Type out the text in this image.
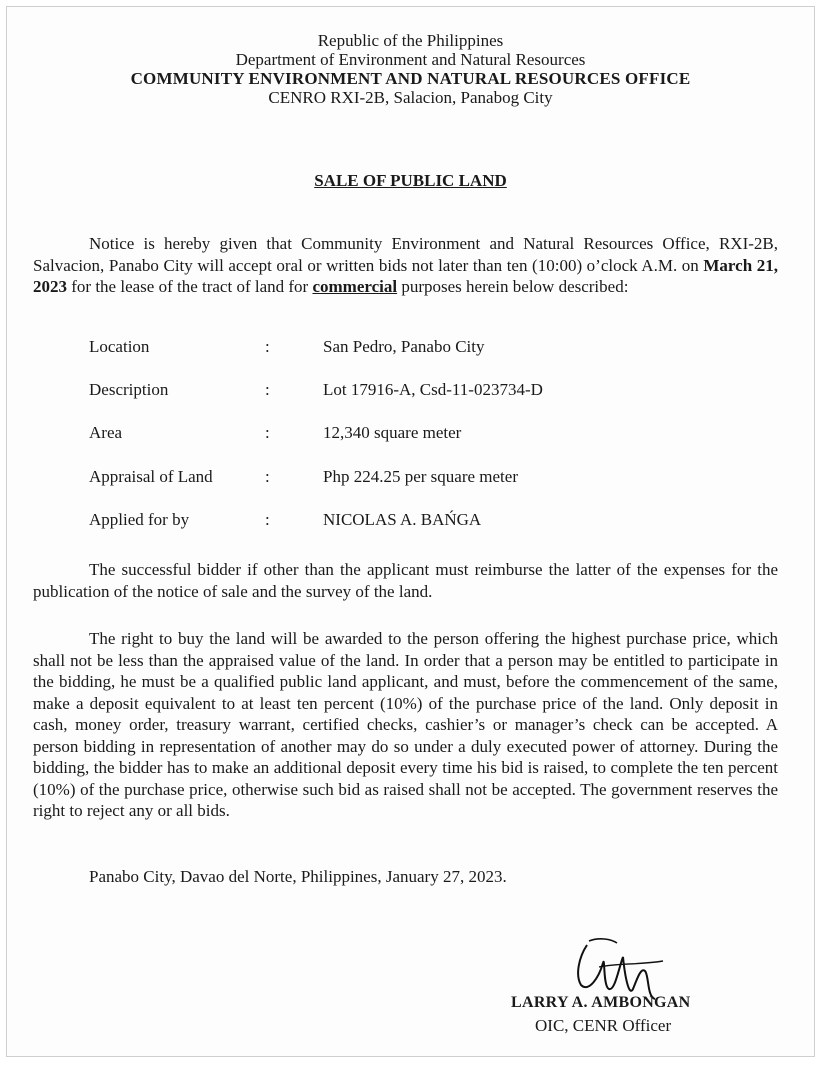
Republic of the Philippines
Department of Environment and Natural Resources
COMMUNITY ENVIRONMENT AND NATURAL RESOURCES OFFICE
CENRO RXI-2B, Salacion, Panabog City
SALE OF PUBLIC LAND
Notice is hereby given that Community Environment and Natural Resources Office, RXI-2B, Salvacion, Panabo City will accept oral or written bids not later than ten (10:00) o’clock A.M. on March 21, 2023 for the lease of the tract of land for commercial purposes herein below described:
Location	:	San Pedro, Panabo City
Description	:	Lot 17916-A, Csd-11-023734-D
Area	:	12,340 square meter
Appraisal of Land	:	Php 224.25 per square meter
Applied for by	:	NICOLAS A. BAŃGA
The successful bidder if other than the applicant must reimburse the latter of the expenses for the publication of the notice of sale and the survey of the land.
The right to buy the land will be awarded to the person offering the highest purchase price, which shall not be less than the appraised value of the land. In order that a person may be entitled to participate in the bidding, he must be a qualified public land applicant, and must, before the commencement of the same, make a deposit equivalent to at least ten percent (10%) of the purchase price of the land. Only deposit in cash, money order, treasury warrant, certified checks, cashier’s or manager’s check can be accepted. A person bidding in representation of another may do so under a duly executed power of attorney. During the bidding, the bidder has to make an additional deposit every time his bid is raised, to complete the ten percent (10%) of the purchase price, otherwise such bid as raised shall not be accepted. The government reserves the right to reject any or all bids.
Panabo City, Davao del Norte, Philippines, January 27, 2023.
LARRY A. AMBONGAN
OIC, CENR Officer
